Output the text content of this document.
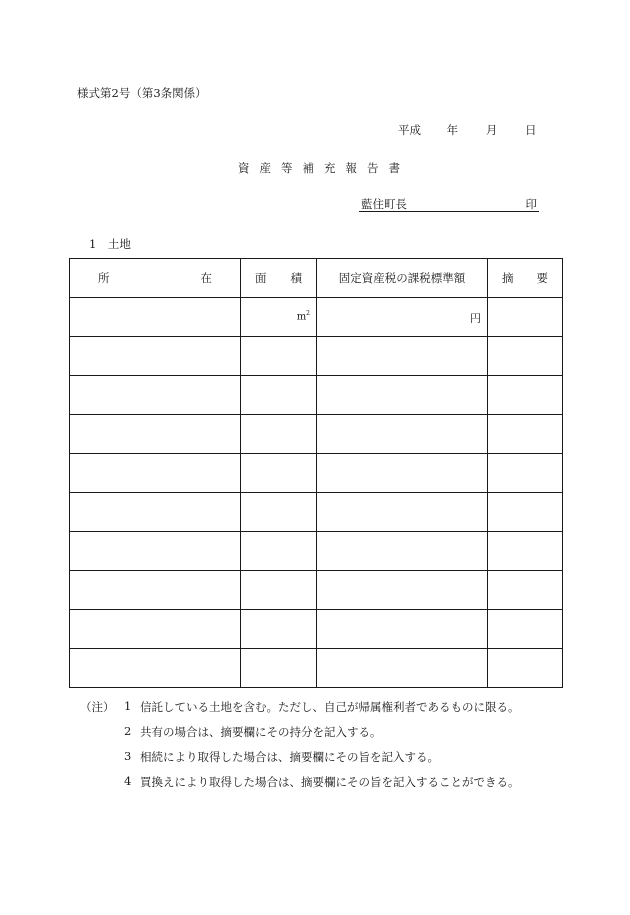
様式第2号（第3条関係）
平成 年 月 日
資産等補充報告書
藍住町長	印
1　土地
所 在	面 積	固定資産税の課税標準額	摘 要

	$m^2$	円	

（注） 1 信託している土地を含む。ただし、自己が帰属権利者であるものに限る。
2 共有の場合は、摘要欄にその持分を記入する。
3 相続により取得した場合は、摘要欄にその旨を記入する。
4 買換えにより取得した場合は、摘要欄にその旨を記入することができる。
